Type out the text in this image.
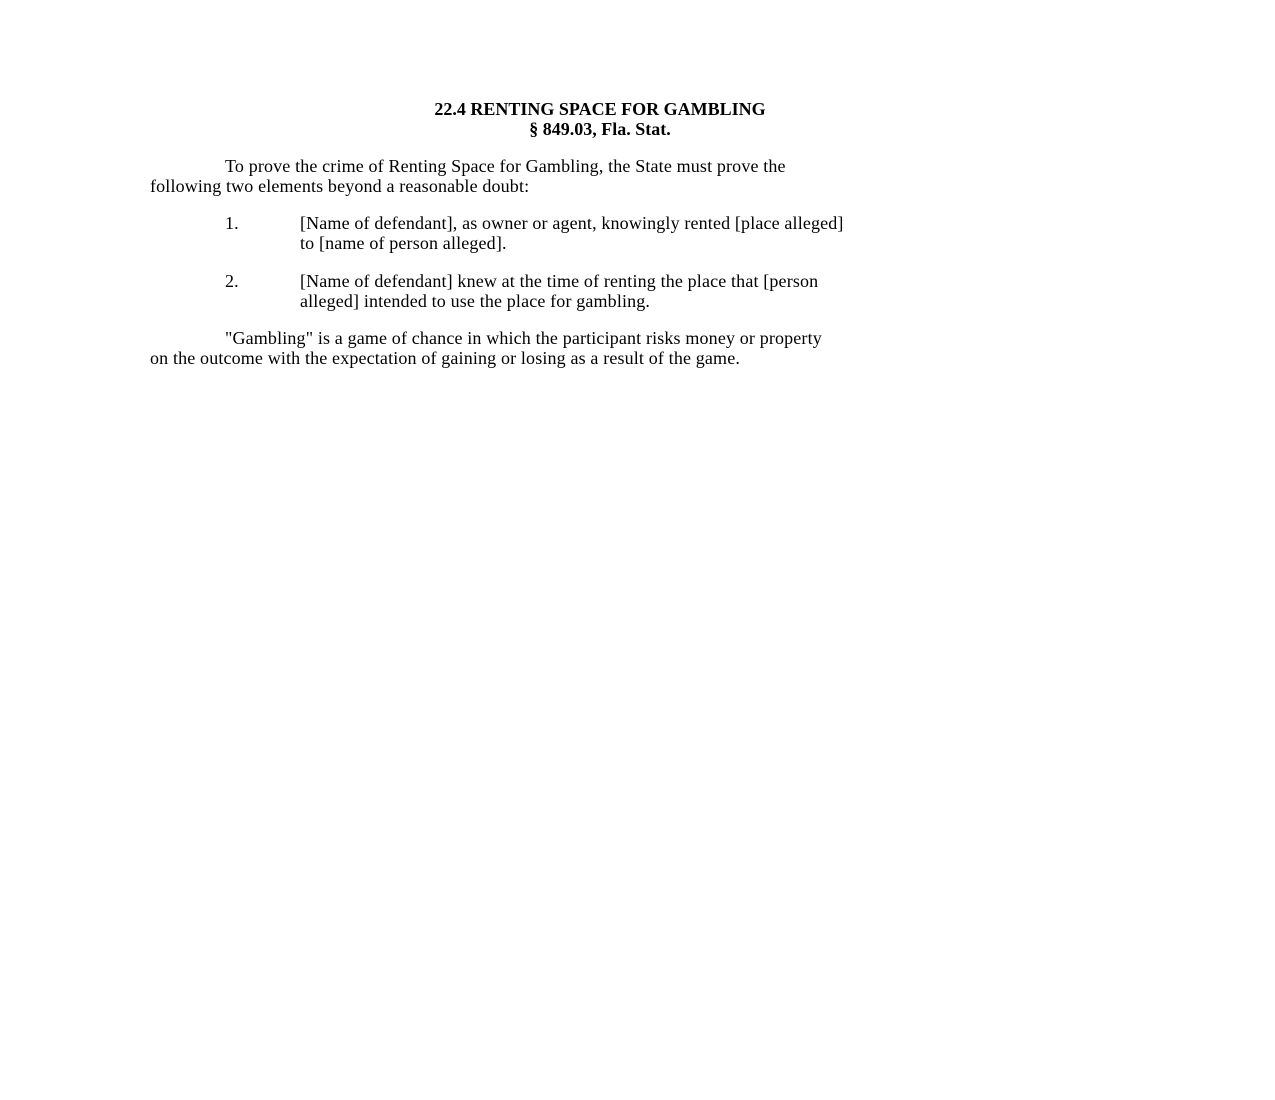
22.4 RENTING SPACE FOR GAMBLING
§ 849.03, Fla. Stat.
To prove the crime of Renting Space for Gambling, the State must prove the
following two elements beyond a reasonable doubt:
1.	[Name of defendant], as owner or agent, knowingly rented [place alleged]
to [name of person alleged].
2.	[Name of defendant] knew at the time of renting the place that [person
alleged] intended to use the place for gambling.
"Gambling" is a game of chance in which the participant risks money or property
on the outcome with the expectation of gaining or losing as a result of the game.
